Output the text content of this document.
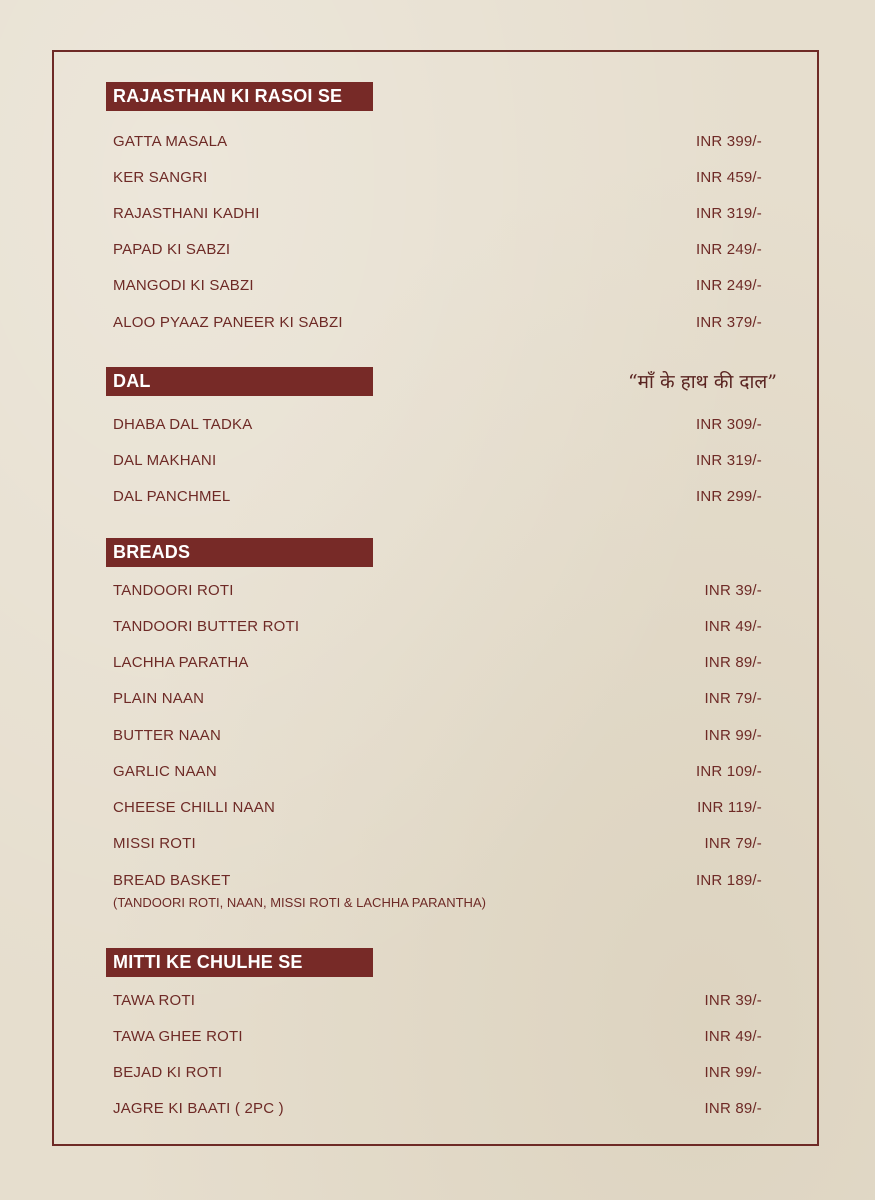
RAJASTHAN KI RASOI SE
GATTA MASALA	INR 399/-
KER SANGRI	INR 459/-
RAJASTHANI KADHI	INR 319/-
PAPAD KI SABZI	INR 249/-
MANGODI KI SABZI	INR 249/-
ALOO PYAAZ PANEER KI SABZI	INR 379/-
DAL	“माँ के हाथ की दाल”
DHABA DAL TADKA	INR 309/-
DAL MAKHANI	INR 319/-
DAL PANCHMEL	INR 299/-
BREADS
TANDOORI ROTI	INR 39/-
TANDOORI BUTTER ROTI	INR 49/-
LACHHA PARATHA	INR 89/-
PLAIN NAAN	INR 79/-
BUTTER NAAN	INR 99/-
GARLIC NAAN	INR 109/-
CHEESE CHILLI NAAN	INR 119/-
MISSI ROTI	INR 79/-
BREAD BASKET	INR 189/-
(TANDOORI ROTI, NAAN, MISSI ROTI & LACHHA PARANTHA)
MITTI KE CHULHE SE
TAWA ROTI	INR 39/-
TAWA GHEE ROTI	INR 49/-
BEJAD KI ROTI	INR 99/-
JAGRE KI BAATI ( 2PC )	INR 89/-
